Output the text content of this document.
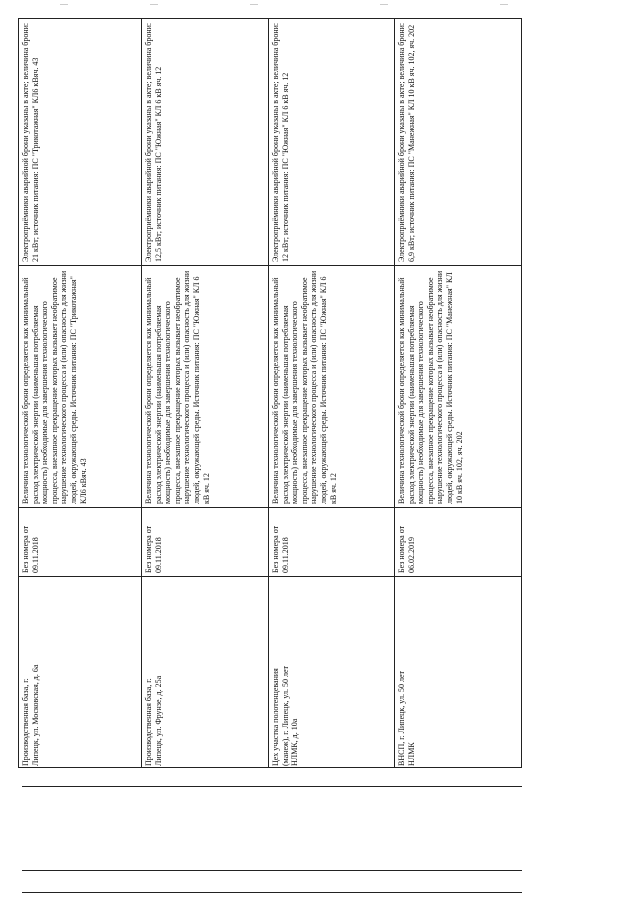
Электроприёмники аварийной брони указаны в акте; величина брони: 21 кВт; источник питания: ПС "Трикотажная" КЛ6 кВяч. 43
Величина технологической брони определяется как минимальный расход электрической энергии (наименьшая потребляемая мощность) необходимые для завершения технологического процесса, внезапное прекращение которых вызывает необратимое нарушение технологического процесса и (или) опасность для жизни людей, окружающей среды. Источник питания: ПС "Трикотажная" КЛ6 кВяч. 43
Без номера от 09.11.2018
Производственная база, г. Липецк, ул. Московская, д. 6а
Электроприёмники аварийной брони указаны в акте; величина брони: 12,5 кВт; источник питания: ПС "Южная" КЛ 6 кВ яч. 12
Величина технологической брони определяется как минимальный расход электрической энергии (наименьшая потребляемая мощность) необходимые для завершения технологического процесса, внезапное прекращение которых вызывает необратимое нарушение технологического процесса и (или) опасность для жизни людей, окружающей среды. Источник питания: ПС "Южная" КЛ 6 кВ яч. 12
Без номера от 09.11.2018
Производственная база, г. Липецк, ул. Фрунзе, д. 25а
Электроприёмники аварийной брони указаны в акте; величина брони: 12 кВт; источник питания: ПС "Южная" КЛ 6 кВ яч. 12
Величина технологической брони определяется как минимальный расход электрической энергии (наименьшая потребляемая мощность) необходимые для завершения технологического процесса, внезапное прекращение которых вызывает необратимое нарушение технологического процесса и (или) опасность для жизни людей, окружающей среды. Источник питания: ПС "Южная" КЛ 6 кВ яч. 12
Без номера от 09.11.2018
Цех участка полотенцевания (манеж), г. Липецк, ул. 50 лет НЛМК, д. 10а
Электроприёмники аварийной брони указаны в акте; величина брони: 6,9 кВт; источник питания: ПС "Манежная" КЛ 10 кВ яч. 102, яч. 202
Величина технологической брони определяется как минимальный расход электрической энергии (наименьшая потребляемая мощность) необходимые для завершения технологического процесса, внезапное прекращение которых вызывает необратимое нарушение технологического процесса и (или) опасность для жизни людей, окружающей среды. Источник питания: ПС "Манежная" КЛ 10 кВ яч. 102, яч. 202
Без номера от 06.02.2019
ВНСП, г. Липецк, ул. 50 лет НЛМК
